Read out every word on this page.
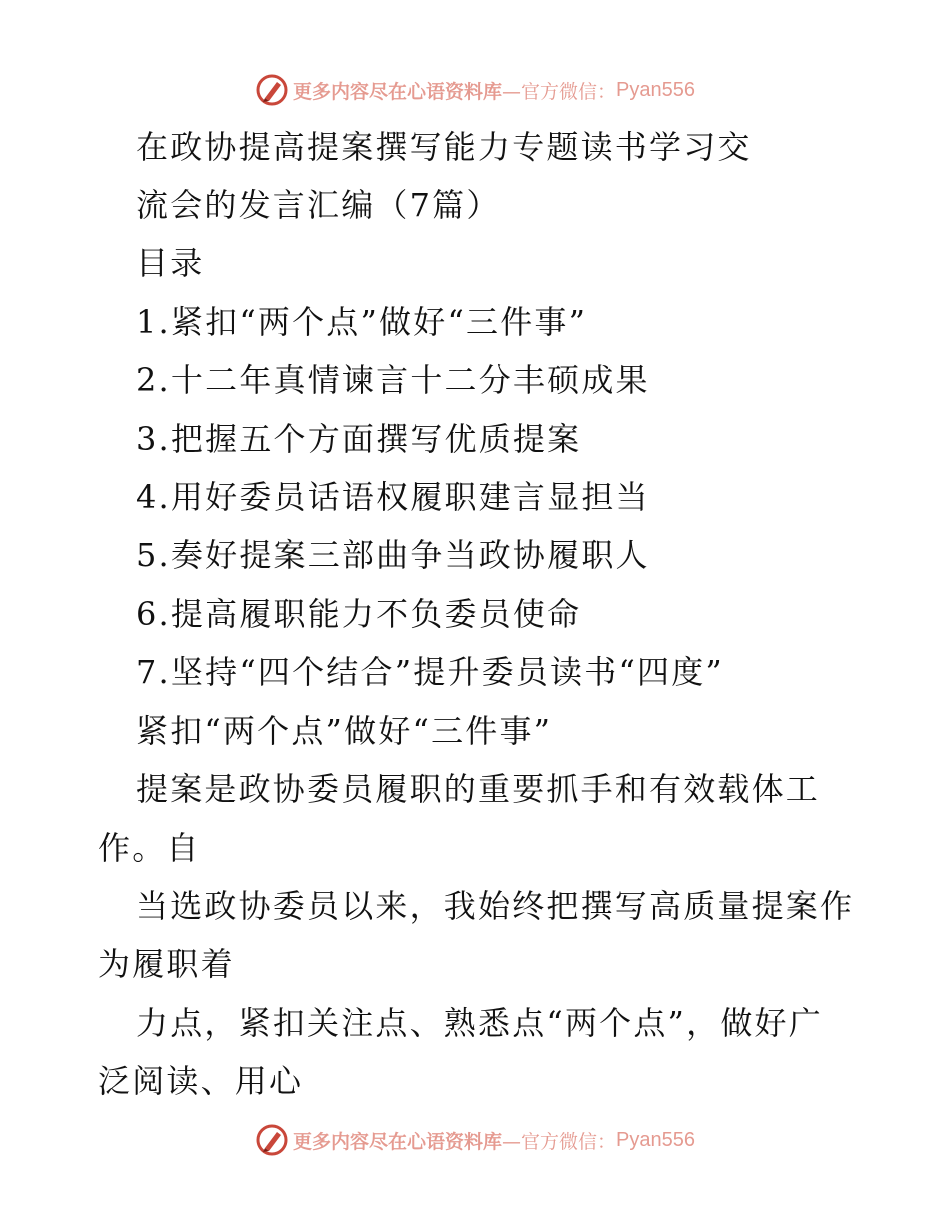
更多内容尽在心语资料库 —官方微信： Pyan556
在政协提高提案撰写能力专题读书学习交
流会的发言汇编（7篇）
目录
1.紧扣“两个点”做好“三件事”
2.十二年真情谏言十二分丰硕成果
3.把握五个方面撰写优质提案
4.用好委员话语权履职建言显担当
5.奏好提案三部曲争当政协履职人
6.提高履职能力不负委员使命
7.坚持“四个结合”提升委员读书“四度”
紧扣“两个点”做好“三件事”
提案是政协委员履职的重要抓手和有效载体工
作。自
当选政协委员以来，我始终把撰写高质量提案作
为履职着
力点，紧扣关注点、熟悉点“两个点”，做好广
泛阅读、用心
更多内容尽在心语资料库 —官方微信： Pyan556
